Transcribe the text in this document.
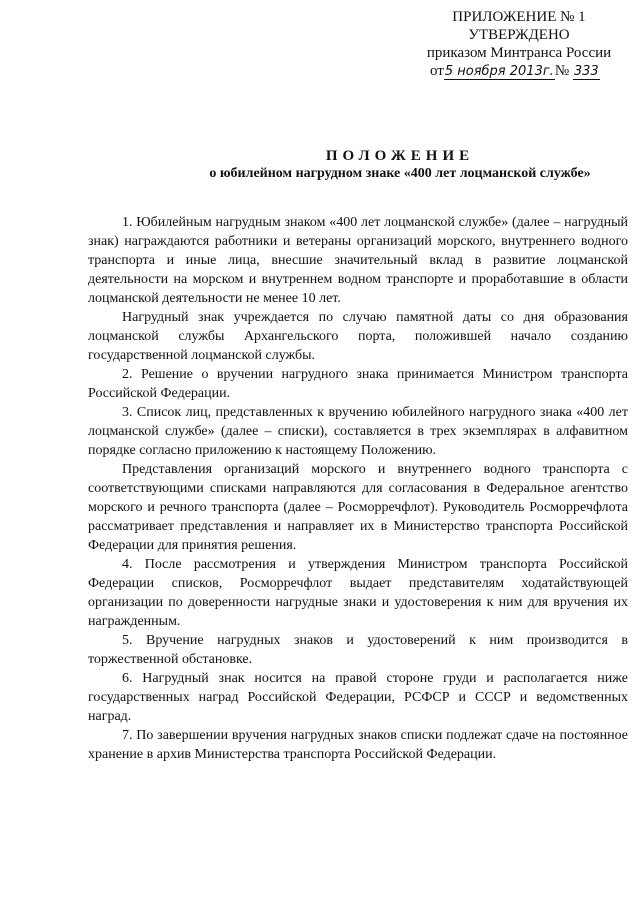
ПРИЛОЖЕНИЕ № 1
УТВЕРЖДЕНО
приказом Минтранса России
от5 ноября 2013г.№ 333
ПОЛОЖЕНИЕ
о юбилейном нагрудном знаке «400 лет лоцманской службе»

1. Юбилейным нагрудным знаком «400 лет лоцманской службе» (далее – нагрудный знак) награждаются работники и ветераны организаций морского, внутреннего водного транспорта и иные лица, внесшие значительный вклад в развитие лоцманской деятельности на морском и внутреннем водном транспорте и проработавшие в области лоцманской деятельности не менее 10 лет.

Нагрудный знак учреждается по случаю памятной даты со дня образования лоцманской службы Архангельского порта, положившей начало созданию государственной лоцманской службы.

2. Решение о вручении нагрудного знака принимается Министром транспорта Российской Федерации.

3. Список лиц, представленных к вручению юбилейного нагрудного знака «400 лет лоцманской службе» (далее – списки), составляется в трех экземплярах в алфавитном порядке согласно приложению к настоящему Положению.

Представления организаций морского и внутреннего водного транспорта с соответствующими списками направляются для согласования в Федеральное агентство морского и речного транспорта (далее – Росморречфлот). Руководитель Росморречфлота рассматривает представления и направляет их в Министерство транспорта Российской Федерации для принятия решения.

4. После рассмотрения и утверждения Министром транспорта Российской Федерации списков, Росморречфлот выдает представителям ходатайствующей организации по доверенности нагрудные знаки и удостоверения к ним для вручения их награжденным.

5. Вручение нагрудных знаков и удостоверений к ним производится в торжественной обстановке.

6. Нагрудный знак носится на правой стороне груди и располагается ниже государственных наград Российской Федерации, РСФСР и СССР и ведомственных наград.

7. По завершении вручения нагрудных знаков списки подлежат сдаче на постоянное хранение в архив Министерства транспорта Российской Федерации.
